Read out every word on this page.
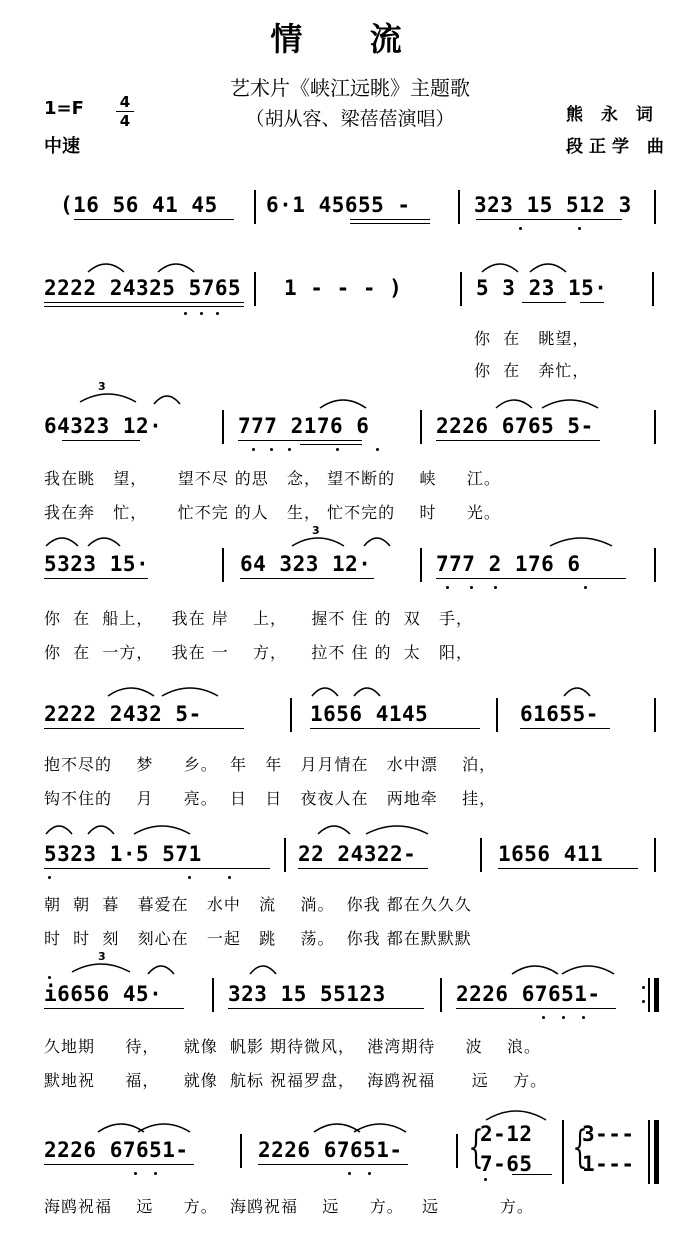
情 流
艺术片《峡江远眺》主题歌
（胡从容、梁蓓蓓演唱）
1=F 4
4
中速
熊 永 词
段正学 曲
(16 56 41 45 6·1 45655 -	323 15 512 3
2222 24325 5765 1 - - - )	5 3 23 15·
你  在   眺望，
你  在   奔忙，
64323 12·	777 2176 6	2226 6765 5-
3
我在眺   望，     望不尽 的思   念， 望不断的    峡     江。
我在奔   忙，     忙不完 的人   生， 忙不完的    时     光。
5323 15·	64 323 12·	777 2 176 6
3
你  在  船上，   我在 岸    上，    握不 住 的  双   手，
你  在  一方，   我在 一    方，    拉不 住 的  太   阳，
2222 2432 5-	1656 4145	61655-
抱不尽的    梦     乡。  年   年   月月情在   水中漂    泊，
钩不住的    月     亮。  日   日   夜夜人在   两地牵    挂，
5323 1·5 571	22 24322-	1656 411
朝  朝  暮   暮爱在   水中   流    淌。  你我 都在久久久
时  时  刻   刻心在   一起   跳    荡。  你我 都在默默默
i6656 45·	323 15 55123	2226 67651-
3
久地期     待，    就像  帆影 期待微风，  港湾期待     波    浪。
默地祝     福，    就像  航标 祝福罗盘，  海鸥祝福      远    方。
2226 67651-	2226 67651- {
2-12
7-65 {
3---
1---
海鸥祝福    远     方。  海鸥祝福    远     方。   远          方。
